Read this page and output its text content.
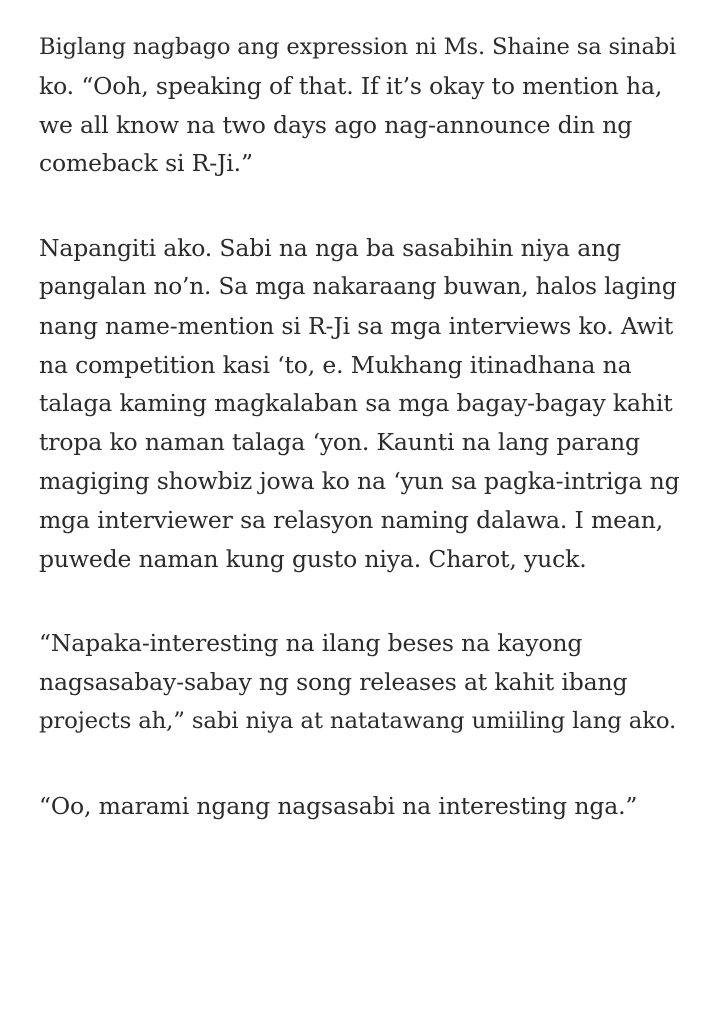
Biglang nagbago ang expression ni Ms. Shaine sa sinabi
ko. “Ooh, speaking of that. If it’s okay to mention ha,
we all know na two days ago nag-announce din ng
comeback si R-Ji.”

Napangiti ako. Sabi na nga ba sasabihin niya ang
pangalan no’n. Sa mga nakaraang buwan, halos laging
nang name-mention si R-Ji sa mga interviews ko. Awit
na competition kasi ‘to, e. Mukhang itinadhana na
talaga kaming magkalaban sa mga bagay-bagay kahit
tropa ko naman talaga ‘yon. Kaunti na lang parang
magiging showbiz jowa ko na ‘yun sa pagka-intriga ng
mga interviewer sa relasyon naming dalawa. I mean,
puwede naman kung gusto niya. Charot, yuck.

“Napaka-interesting na ilang beses na kayong
nagsasabay-sabay ng song releases at kahit ibang
projects ah,” sabi niya at natatawang umiiling lang ako.

“Oo, marami ngang nagsasabi na interesting nga.”
